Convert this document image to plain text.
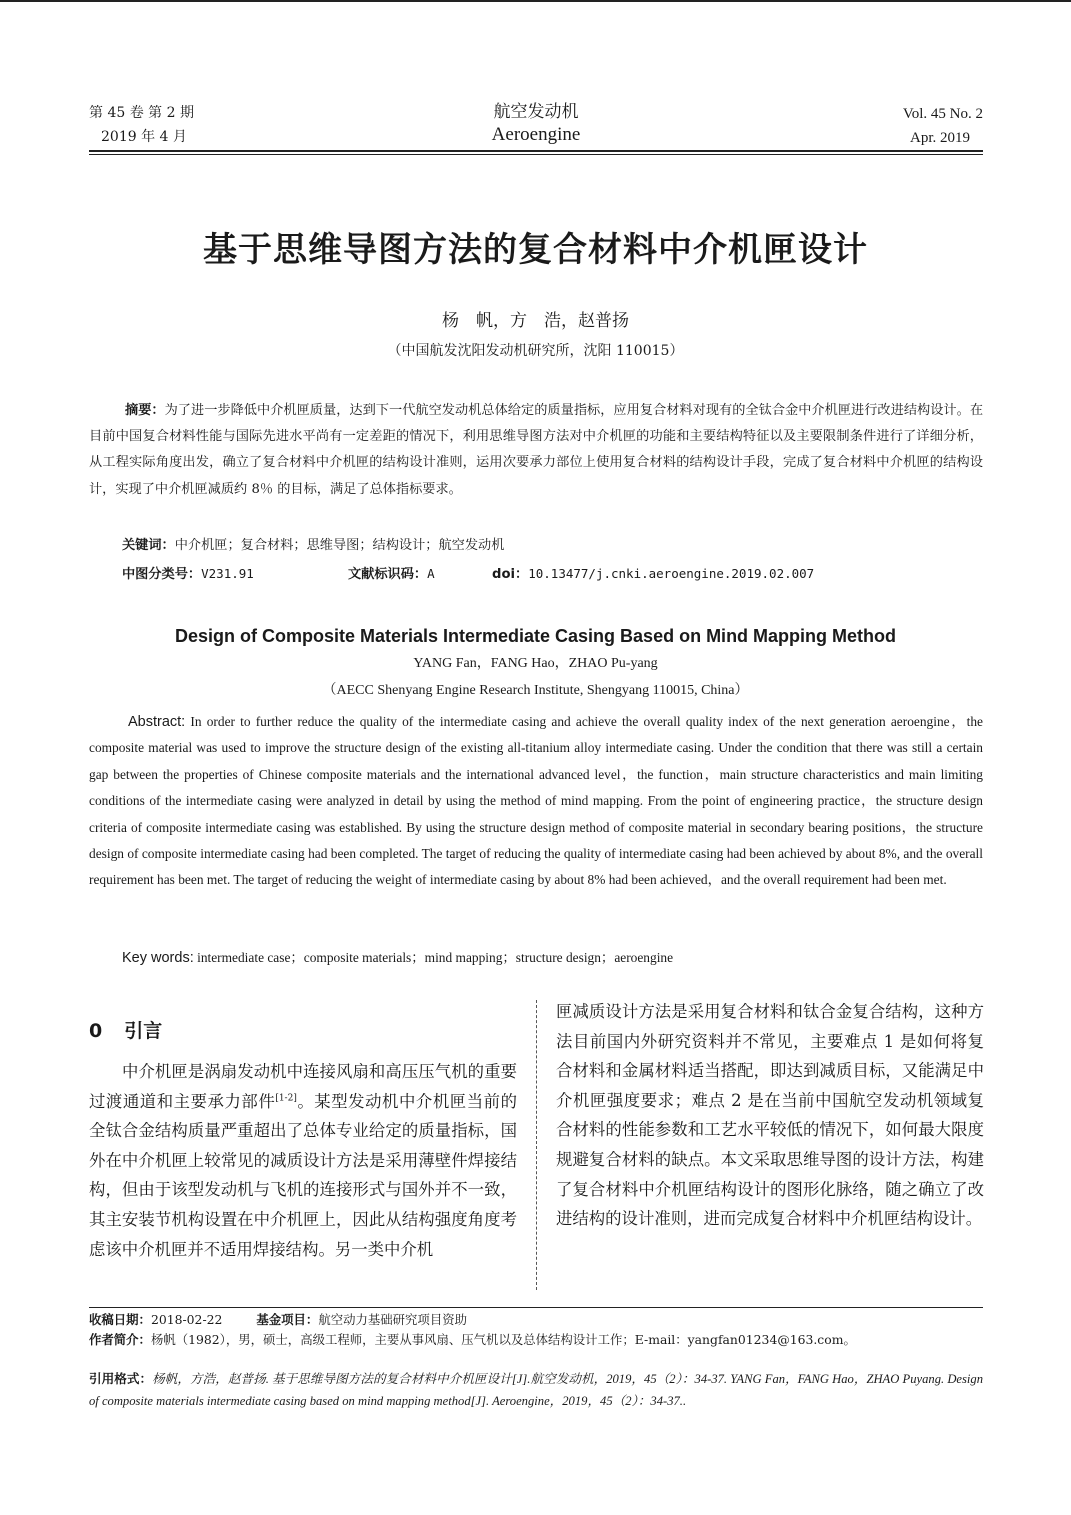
第 45 卷 第 2 期
2019 年 4 月
航空发动机
Aeroengine
Vol. 45 No. 2
Apr. 2019
基于思维导图方法的复合材料中介机匣设计
杨　帆，方　浩，赵普扬
（中国航发沈阳发动机研究所，沈阳 110015）

摘要：为了进一步降低中介机匣质量，达到下一代航空发动机总体给定的质量指标，应用复合材料对现有的全钛合金中介机匣进行改进结构设计。在目前中国复合材料性能与国际先进水平尚有一定差距的情况下，利用思维导图方法对中介机匣的功能和主要结构特征以及主要限制条件进行了详细分析，从工程实际角度出发，确立了复合材料中介机匣的结构设计准则，运用次要承力部位上使用复合材料的结构设计手段，完成了复合材料中介机匣的结构设计，实现了中介机匣减质约 8％ 的目标，满足了总体指标要求。

关键词：中介机匣；复合材料；思维导图；结构设计；航空发动机
中图分类号：V231.91	文献标识码：A	doi：10.13477/j.cnki.aeroengine.2019.02.007
Design of Composite Materials Intermediate Casing Based on Mind Mapping Method
YANG Fan，FANG Hao，ZHAO Pu-yang
（AECC Shenyang Engine Research Institute, Shengyang 110015, China）

Abstract: In order to further reduce the quality of the intermediate casing and achieve the overall quality index of the next generation aeroengine，the composite material was used to improve the structure design of the existing all-titanium alloy intermediate casing. Under the condition that there was still a certain gap between the properties of Chinese composite materials and the international advanced level，the function，main structure characteristics and main limiting conditions of the intermediate casing were analyzed in detail by using the method of mind mapping. From the point of engineering practice，the structure design criteria of composite intermediate casing was established. By using the structure design method of composite material in secondary bearing positions，the structure design of composite intermediate casing had been completed. The target of reducing the quality of intermediate casing had been achieved by about 8%, and the overall requirement has been met. The target of reducing the weight of intermediate casing by about 8% had been achieved，and the overall requirement had been met.

Key words: intermediate case；composite materials；mind mapping；structure design；aeroengine
0 引言

中介机匣是涡扇发动机中连接风扇和高压压气机的重要过渡通道和主要承力部件[1-2]。某型发动机中介机匣当前的全钛合金结构质量严重超出了总体专业给定的质量指标，国外在中介机匣上较常见的减质设计方法是采用薄壁件焊接结构，但由于该型发动机与飞机的连接形式与国外并不一致，其主安装节机构设置在中介机匣上，因此从结构强度角度考虑该中介机匣并不适用焊接结构。另一类中介机

匣减质设计方法是采用复合材料和钛合金复合结构，这种方法目前国内外研究资料并不常见，主要难点 1 是如何将复合材料和金属材料适当搭配，即达到减质目标，又能满足中介机匣强度要求；难点 2 是在当前中国航空发动机领域复合材料的性能参数和工艺水平较低的情况下，如何最大限度规避复合材料的缺点。本文采取思维导图的设计方法，构建了复合材料中介机匣结构设计的图形化脉络，随之确立了改进结构的设计准则，进而完成复合材料中介机匣结构设计。

收稿日期：2018-02-22	基金项目：航空动力基础研究项目资助
作者简介：杨帆（1982），男，硕士，高级工程师，主要从事风扇、压气机以及总体结构设计工作；E-mail：yangfan01234@163.com。

引用格式：杨帆，方浩，赵普扬. 基于思维导图方法的复合材料中介机匣设计[J].航空发动机，2019，45（2）：34-37. YANG Fan，FANG Hao，ZHAO Puyang. Design of composite materials intermediate casing based on mind mapping method[J]. Aeroengine，2019，45（2）：34-37..
